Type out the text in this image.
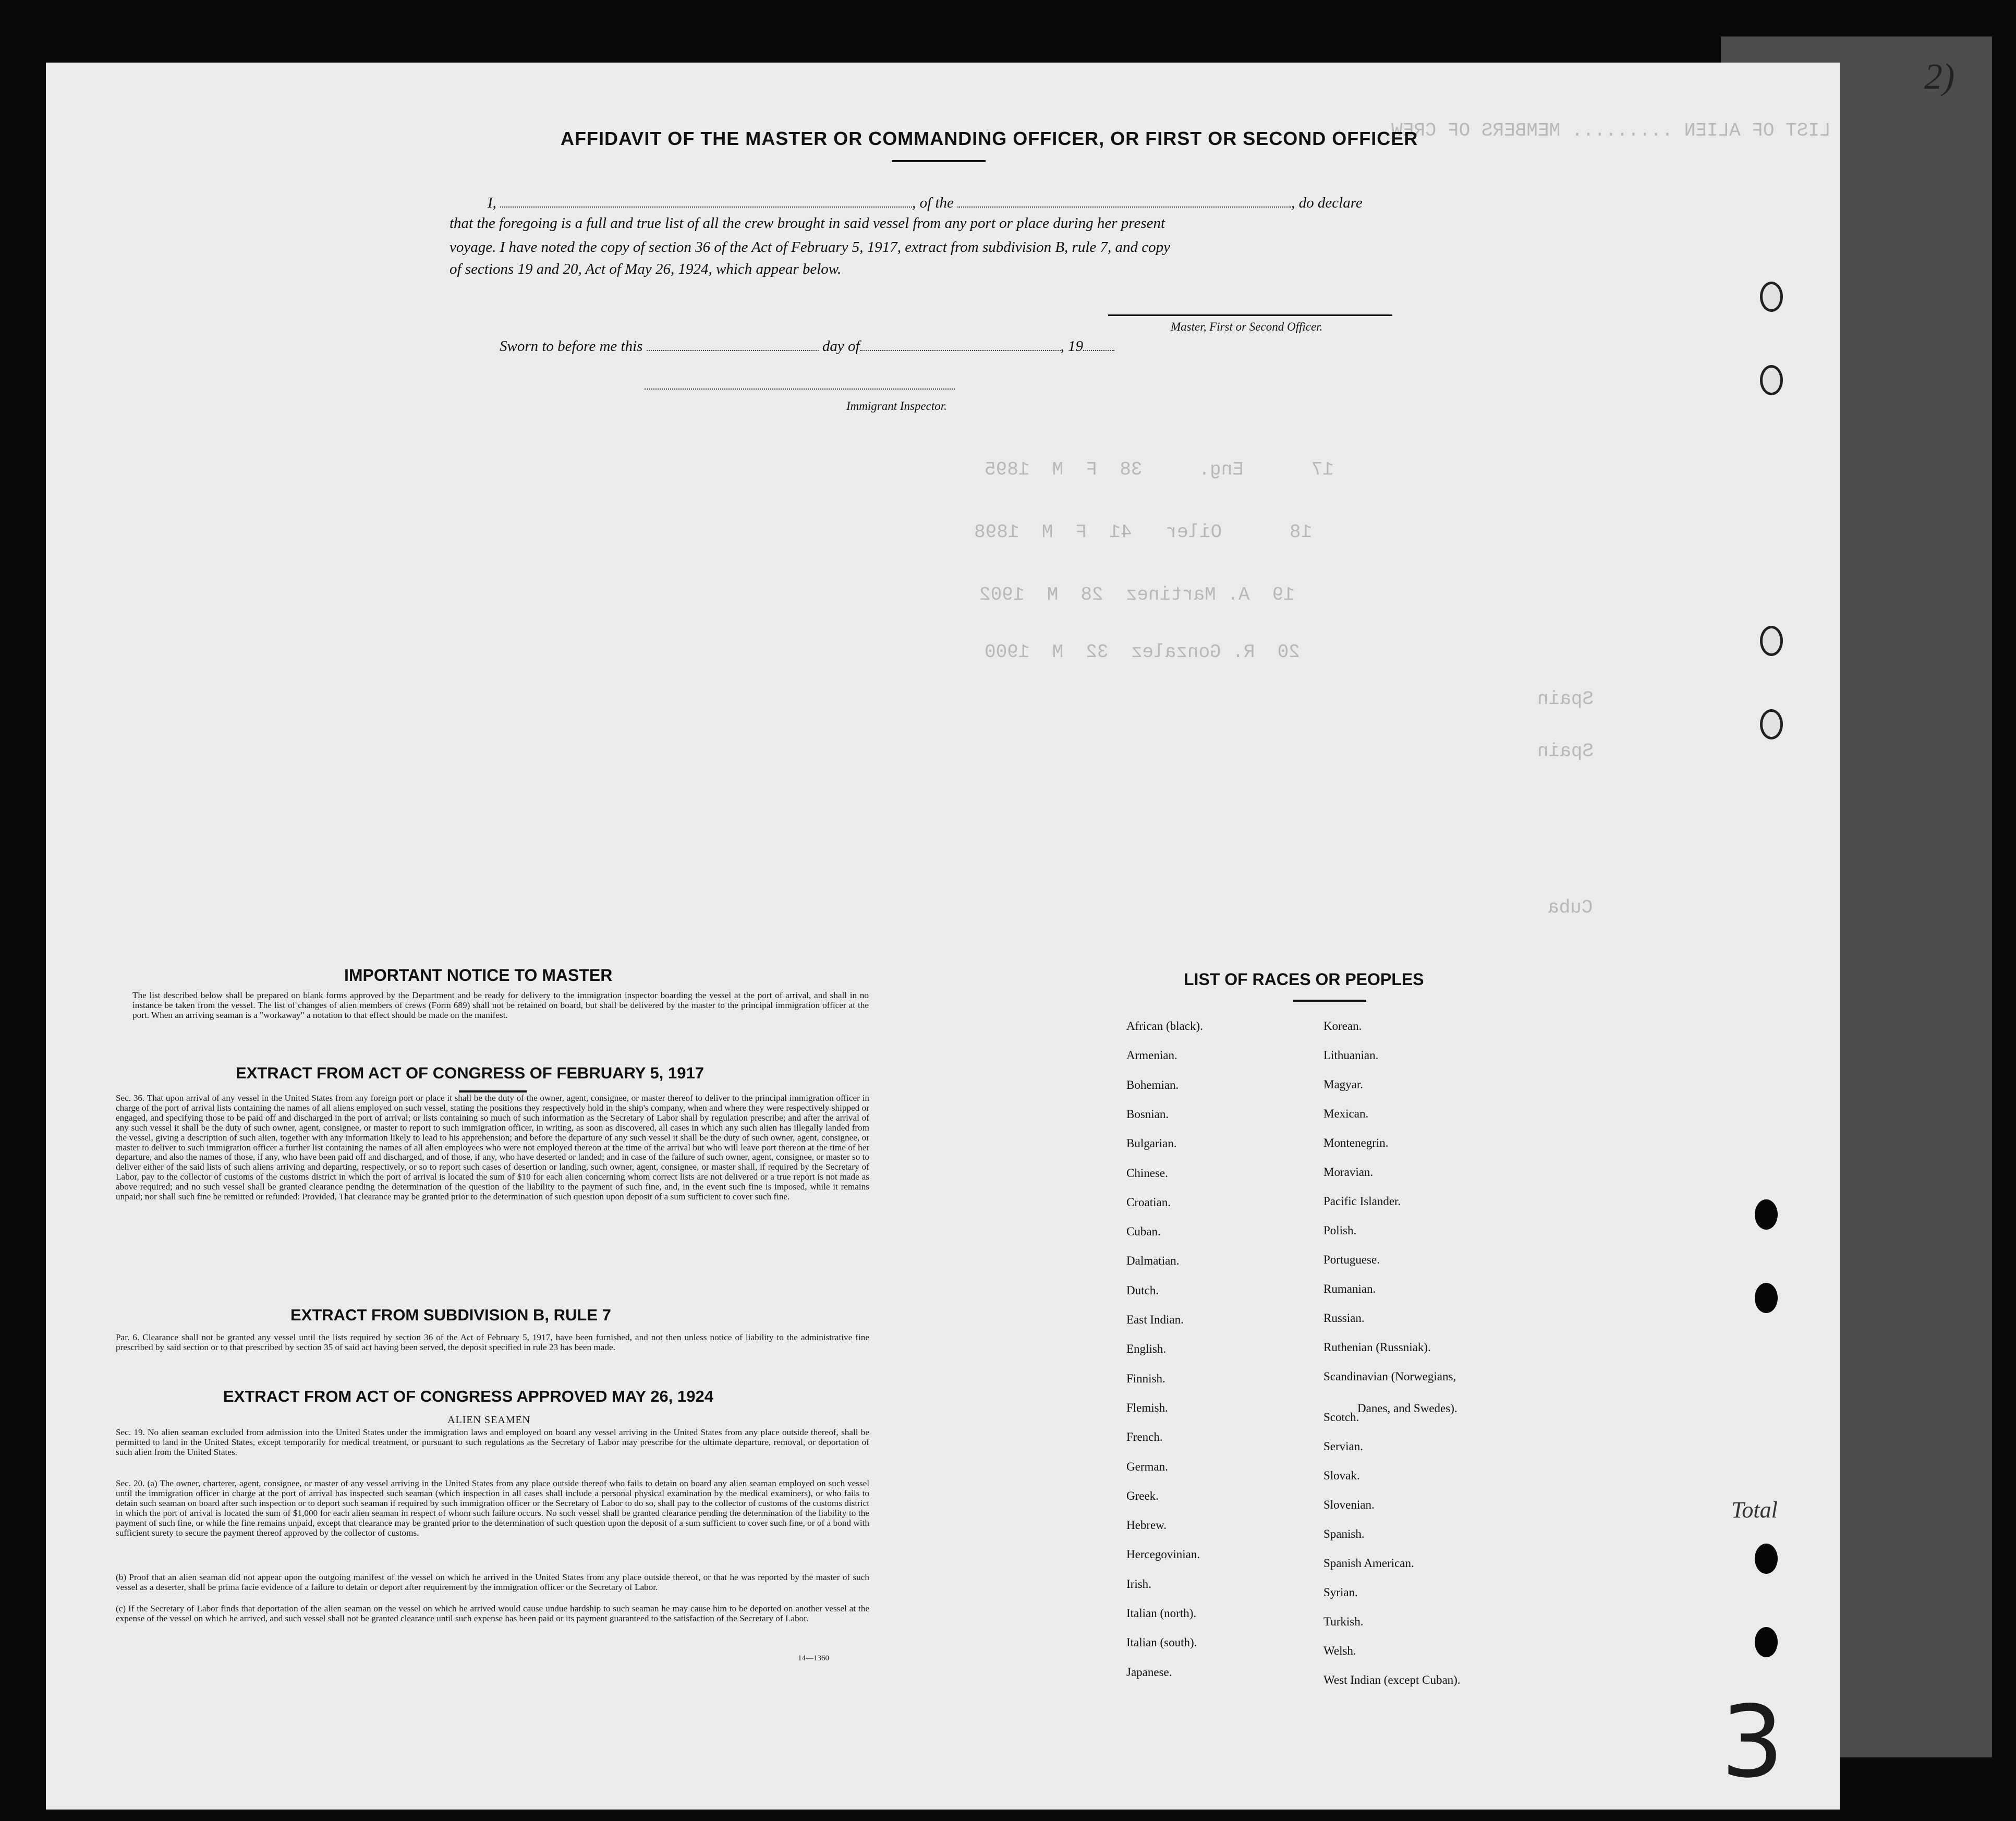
LIST OF ALIEN ......... MEMBERS OF CREW
17      Eng.     38  F  M  1895
18      Oiler   41  F  M  1898
19  A. Martinez  28  M  1902
20  R. Gonzalez  32  M  1900
Spain
Spain
Cuba
2)
3
Total
AFFIDAVIT OF THE MASTER OR COMMANDING OFFICER, OR FIRST OR SECOND OFFICER
I,	, of the	, do declare
that the foregoing is a full and true list of all the crew brought in said vessel from any port or place during her present
voyage. I have noted the copy of section 36 of the Act of February 5, 1917, extract from subdivision B, rule 7, and copy
of sections 19 and 20, Act of May 26, 1924, which appear below.
Master, First or Second Officer.
Sworn to before me this	day of	, 19
Immigrant Inspector.
IMPORTANT NOTICE TO MASTER
The list described below shall be prepared on blank forms approved by the Department and be ready for delivery to the immigration inspector boarding the vessel at the port of arrival, and shall in no instance be taken from the vessel. The list of changes of alien members of crews (Form 689) shall not be retained on board, but shall be delivered by the master to the principal immigration officer at the port. When an arriving seaman is a "workaway" a notation to that effect should be made on the manifest.
EXTRACT FROM ACT OF CONGRESS OF FEBRUARY 5, 1917
Sec. 36. That upon arrival of any vessel in the United States from any foreign port or place it shall be the duty of the owner, agent, consignee, or master thereof to deliver to the principal immigration officer in charge of the port of arrival lists containing the names of all aliens employed on such vessel, stating the positions they respectively hold in the ship's company, when and where they were respectively shipped or engaged, and specifying those to be paid off and discharged in the port of arrival; or lists containing so much of such information as the Secretary of Labor shall by regulation prescribe; and after the arrival of any such vessel it shall be the duty of such owner, agent, consignee, or master to report to such immigration officer, in writing, as soon as discovered, all cases in which any such alien has illegally landed from the vessel, giving a description of such alien, together with any information likely to lead to his apprehension; and before the departure of any such vessel it shall be the duty of such owner, agent, consignee, or master to deliver to such immigration officer a further list containing the names of all alien employees who were not employed thereon at the time of the arrival but who will leave port thereon at the time of her departure, and also the names of those, if any, who have been paid off and discharged, and of those, if any, who have deserted or landed; and in case of the failure of such owner, agent, consignee, or master so to deliver either of the said lists of such aliens arriving and departing, respectively, or so to report such cases of desertion or landing, such owner, agent, consignee, or master shall, if required by the Secretary of Labor, pay to the collector of customs of the customs district in which the port of arrival is located the sum of $10 for each alien concerning whom correct lists are not delivered or a true report is not made as above required; and no such vessel shall be granted clearance pending the determination of the question of the liability to the payment of such fine, and, in the event such fine is imposed, while it remains unpaid; nor shall such fine be remitted or refunded: Provided, That clearance may be granted prior to the determination of such question upon deposit of a sum sufficient to cover such fine.
EXTRACT FROM SUBDIVISION B, RULE 7
Par. 6. Clearance shall not be granted any vessel until the lists required by section 36 of the Act of February 5, 1917, have been furnished, and not then unless notice of liability to the administrative fine prescribed by said section or to that prescribed by section 35 of said act having been served, the deposit specified in rule 23 has been made.
EXTRACT FROM ACT OF CONGRESS APPROVED MAY 26, 1924
ALIEN SEAMEN
Sec. 19. No alien seaman excluded from admission into the United States under the immigration laws and employed on board any vessel arriving in the United States from any place outside thereof, shall be permitted to land in the United States, except temporarily for medical treatment, or pursuant to such regulations as the Secretary of Labor may prescribe for the ultimate departure, removal, or deportation of such alien from the United States.
Sec. 20. (a) The owner, charterer, agent, consignee, or master of any vessel arriving in the United States from any place outside thereof who fails to detain on board any alien seaman employed on such vessel until the immigration officer in charge at the port of arrival has inspected such seaman (which inspection in all cases shall include a personal physical examination by the medical examiners), or who fails to detain such seaman on board after such inspection or to deport such seaman if required by such immigration officer or the Secretary of Labor to do so, shall pay to the collector of customs of the customs district in which the port of arrival is located the sum of $1,000 for each alien seaman in respect of whom such failure occurs. No such vessel shall be granted clearance pending the determination of the liability to the payment of such fine, or while the fine remains unpaid, except that clearance may be granted prior to the determination of such question upon the deposit of a sum sufficient to cover such fine, or of a bond with sufficient surety to secure the payment thereof approved by the collector of customs.
(b) Proof that an alien seaman did not appear upon the outgoing manifest of the vessel on which he arrived in the United States from any place outside thereof, or that he was reported by the master of such vessel as a deserter, shall be prima facie evidence of a failure to detain or deport after requirement by the immigration officer or the Secretary of Labor.
(c) If the Secretary of Labor finds that deportation of the alien seaman on the vessel on which he arrived would cause undue hardship to such seaman he may cause him to be deported on another vessel at the expense of the vessel on which he arrived, and such vessel shall not be granted clearance until such expense has been paid or its payment guaranteed to the satisfaction of the Secretary of Labor.
14—1360
LIST OF RACES OR PEOPLES
African (black).
Armenian.
Bohemian.
Bosnian.
Bulgarian.
Chinese.
Croatian.
Cuban.
Dalmatian.
Dutch.
East Indian.
English.
Finnish.
Flemish.
French.
German.
Greek.
Hebrew.
Hercegovinian.
Irish.
Italian (north).
Italian (south).
Japanese.
Korean.
Lithuanian.
Magyar.
Mexican.
Montenegrin.
Moravian.
Pacific Islander.
Polish.
Portuguese.
Rumanian.
Russian.
Ruthenian (Russniak).
Scandinavian (Norwegians,
Scotch.
Servian.
Slovak.
Slovenian.
Spanish.
Spanish American.
Syrian.
Turkish.
Welsh.
West Indian (except Cuban).
Danes, and Swedes).
